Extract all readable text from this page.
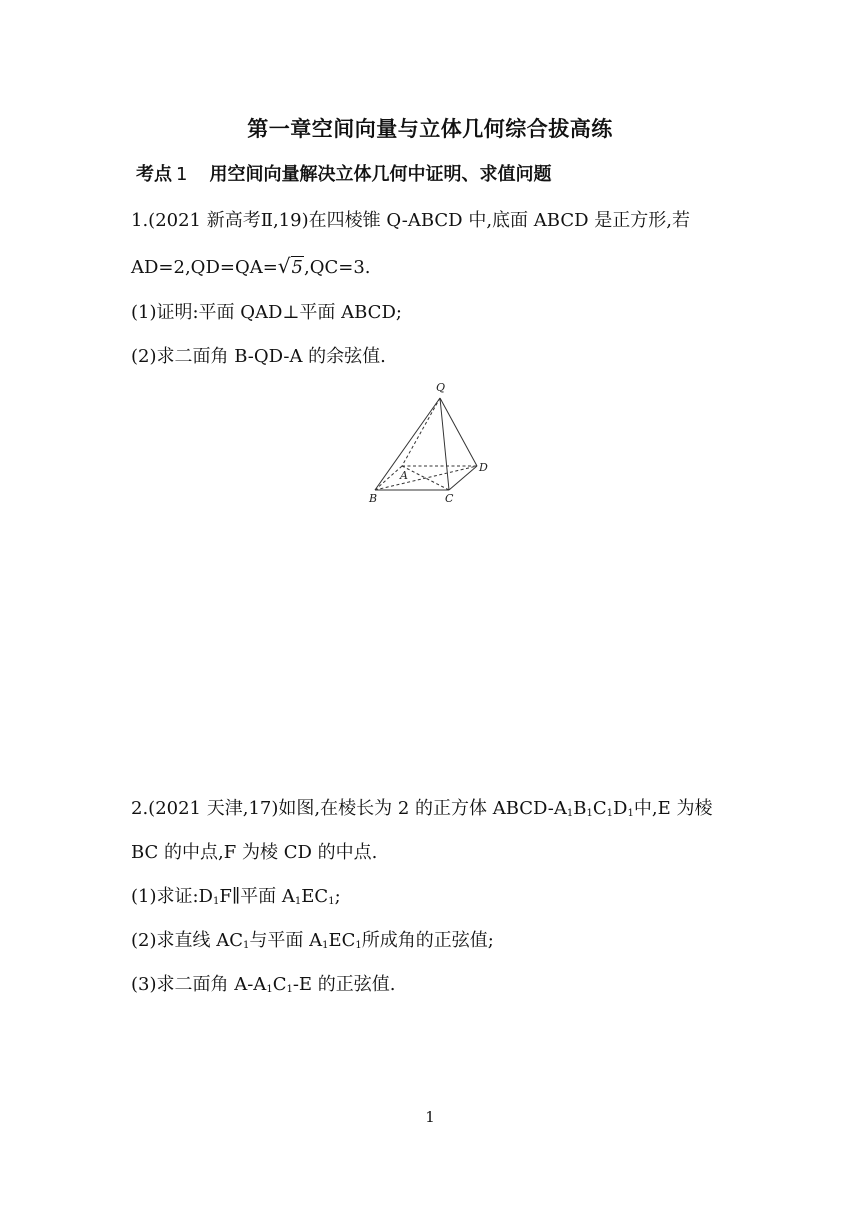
第一章空间向量与立体几何综合拔高练
考点 1 用空间向量解决立体几何中证明、求值问题
1.(2021 新高考Ⅱ,19)在四棱锥 Q-ABCD 中,底面 ABCD 是正方形,若
AD=2,QD=QA=√5,QC=3.
(1)证明:平面 QAD⊥平面 ABCD;
(2)求二面角 B-QD-A 的余弦值.
Q
A
B	C
D
2.(2021 天津,17)如图,在棱长为 2 的正方体 ABCD-$A_1B_1C_1D_1$中,E 为棱
BC 的中点,F 为棱 CD 的中点.
(1)求证$:D_1F\parallel$平面 $A_1EC_1$;
(2)求直线 $AC_1$与平面 $A_1EC_1$所成角的正弦值;
(3)求二面角 $A-A_1C_1-E$ 的正弦值.
1
